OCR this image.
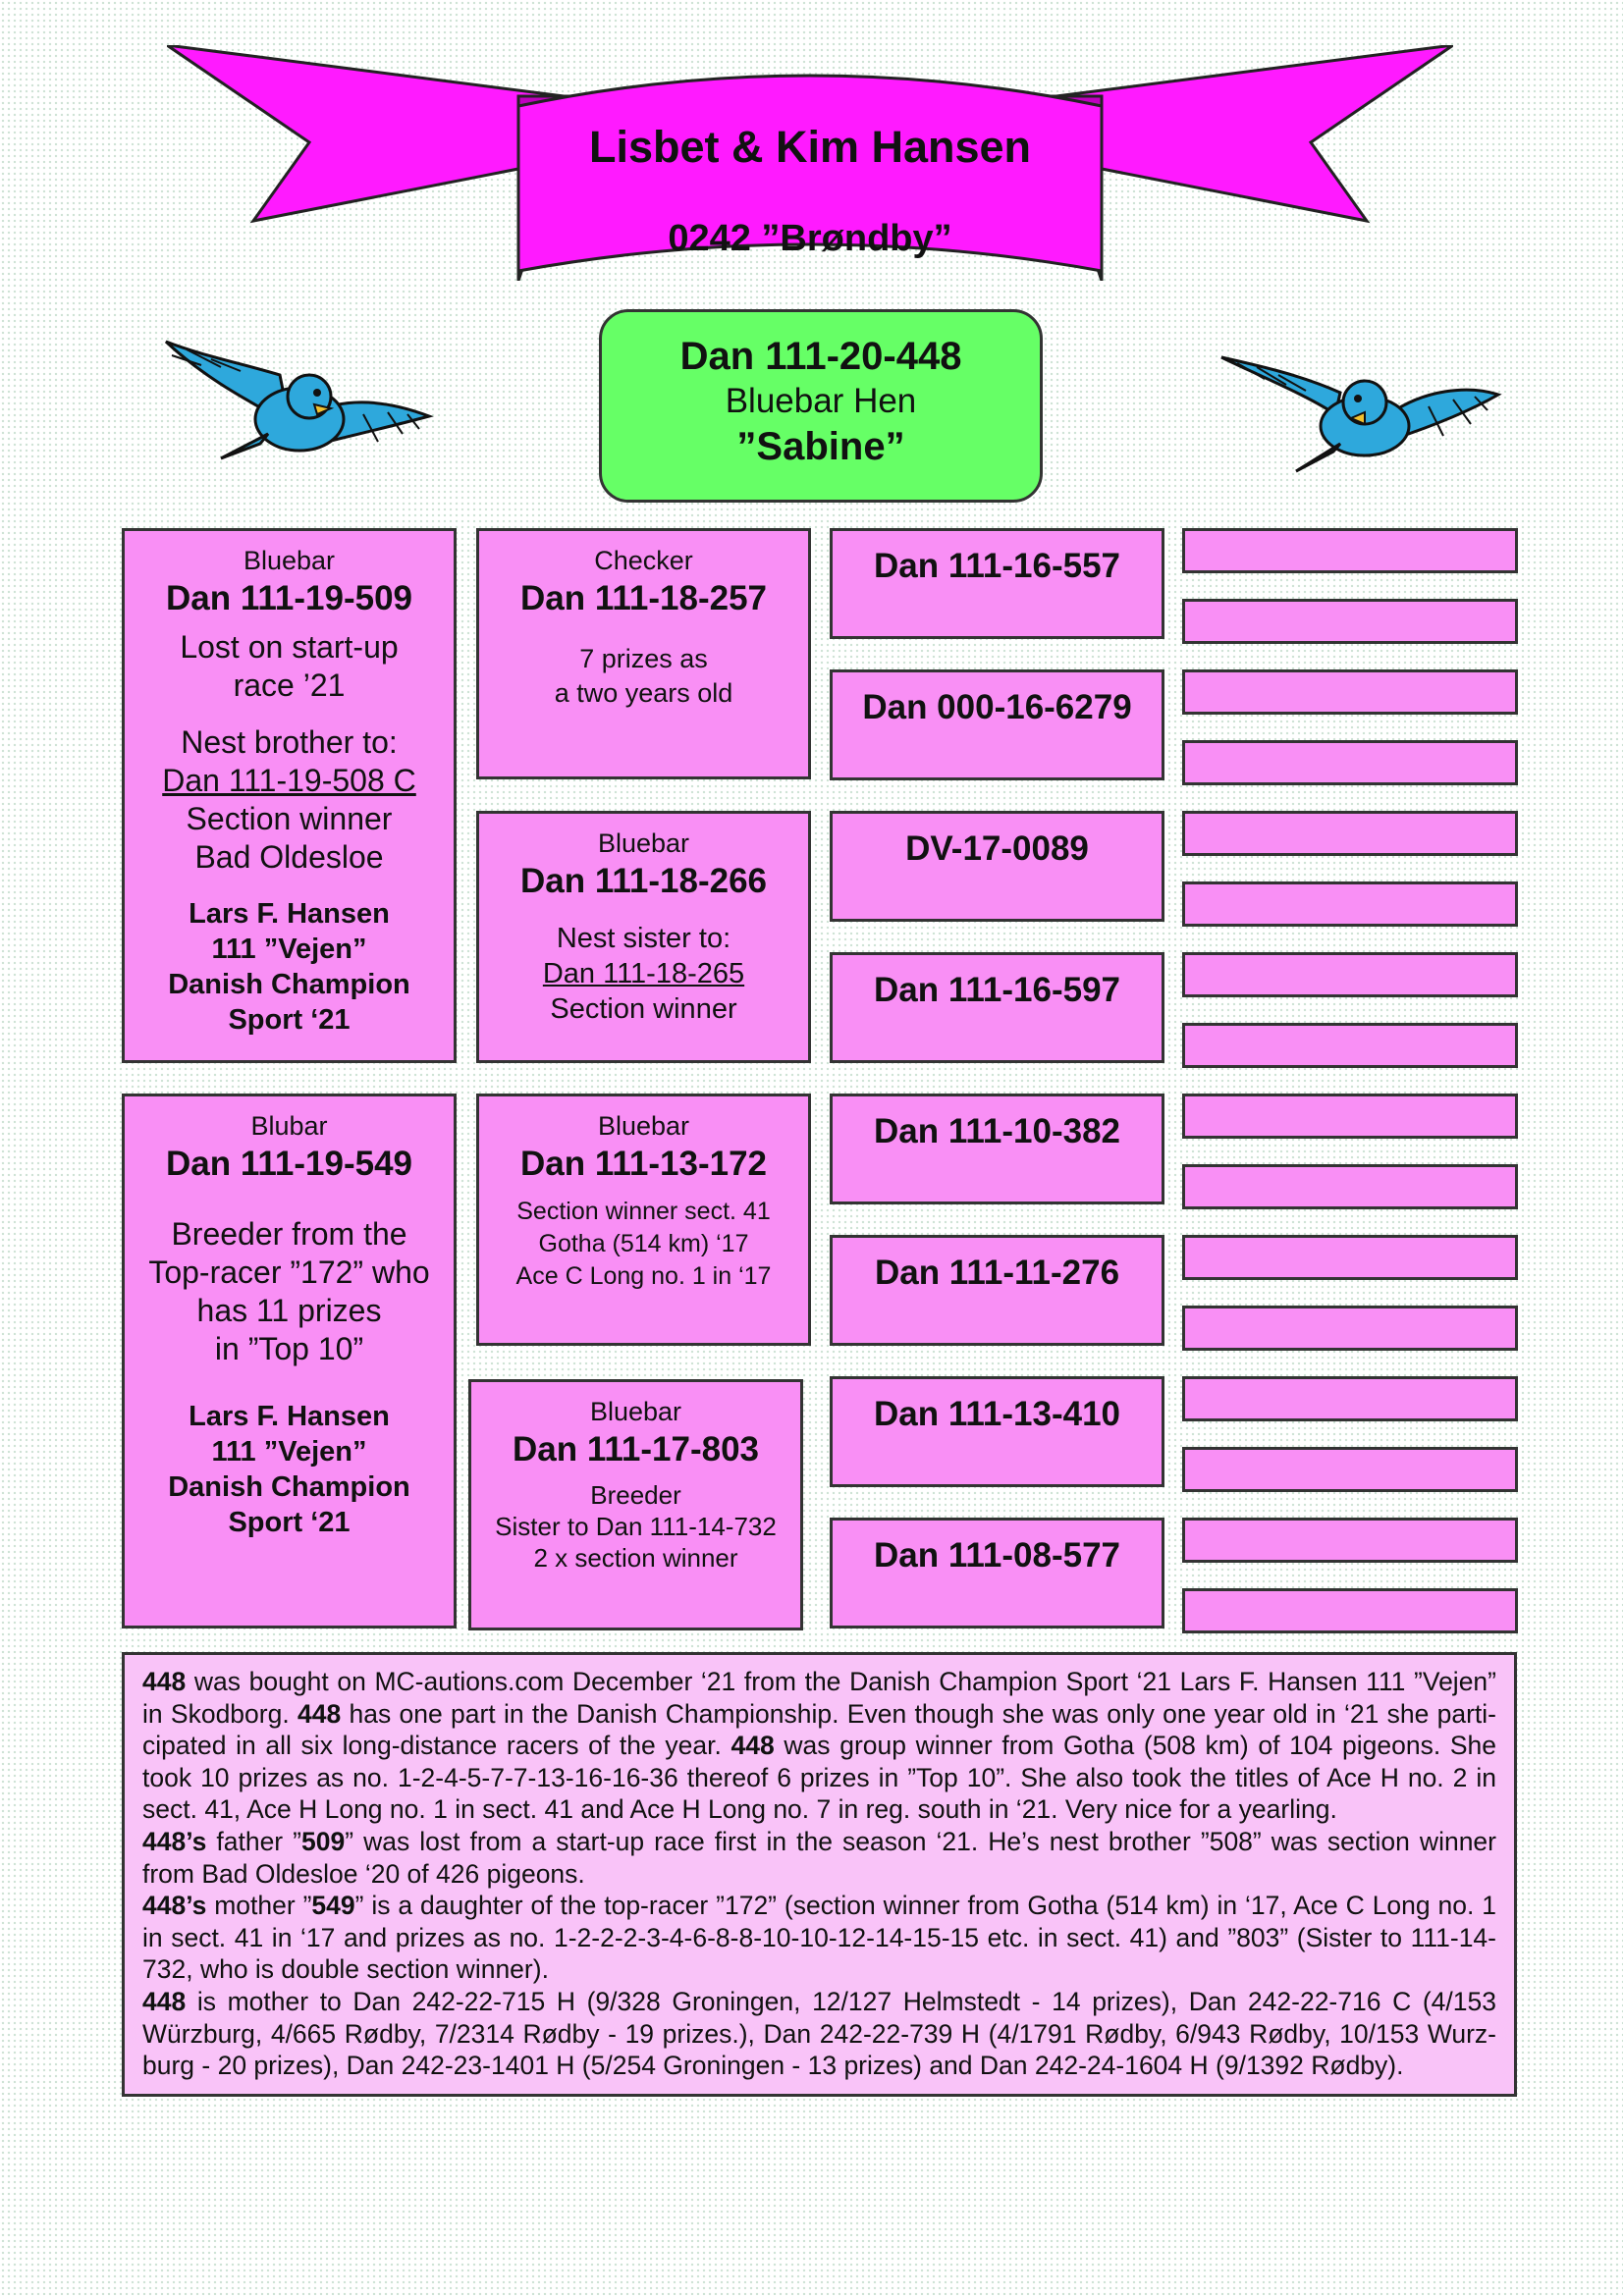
Lisbet & Kim Hansen
0242 ”Brøndby”
Dan 111-20-448
Bluebar Hen
”Sabine”
Bluebar
Dan 111-19-509
Lost on start-up
race ’21
Nest brother to:
Dan 111-19-508 C
Section winner
Bad Oldesloe
Lars F. Hansen
111 ”Vejen”
Danish Champion
Sport ‘21
Blubar
Dan 111-19-549
Breeder from the
Top-racer ”172” who
has 11 prizes
in ”Top 10”
Lars F. Hansen
111 ”Vejen”
Danish Champion
Sport ‘21
Checker
Dan 111-18-257
7 prizes as
a two years old
Bluebar
Dan 111-18-266
Nest sister to:
Dan 111-18-265
Section winner
Bluebar
Dan 111-13-172
Section winner sect. 41
Gotha (514 km) ‘17
Ace C Long no. 1 in ‘17
Bluebar
Dan 111-17-803
Breeder
Sister to Dan 111-14-732
2 x section winner
Dan 111-16-557
Dan 000-16-6279
DV-17-0089
Dan 111-16-597
Dan 111-10-382
Dan 111-11-276
Dan 111-13-410
Dan 111-08-577

448 was bought on MC-autions.com December ‘21 from the Danish Champion Sport ‘21 Lars F. Hansen 111 ”Vejen” in Skodborg. 448 has one part in the Danish Championship. Even though she was only one year old in ‘21 she parti-cipated in all six long-distance racers of the year. 448 was group winner from Gotha (508 km) of 104 pigeons. She took 10 prizes as no. 1-2-4-5-7-7-13-16-16-36 thereof 6 prizes in ”Top 10”. She also took the titles of Ace H no. 2 in sect. 41, Ace H Long no. 1 in sect. 41 and Ace H Long no. 7 in reg. south in ‘21. Very nice for a yearling.

448’s father ”509” was lost from a start-up race first in the season ‘21. He’s nest brother ”508” was section winner from Bad Oldesloe ‘20 of 426 pigeons.

448’s mother ”549” is a daughter of the top-racer ”172” (section winner from Gotha (514 km) in ‘17, Ace C Long no. 1 in sect. 41 in ‘17 and prizes as no. 1-2-2-2-3-4-6-8-8-10-10-12-14-15-15 etc. in sect. 41) and ”803” (Sister to 111-14-732, who is double section winner).

448 is mother to Dan 242-22-715 H (9/328 Groningen, 12/127 Helmstedt - 14 prizes), Dan 242-22-716 C (4/153 Würzburg, 4/665 Rødby, 7/2314 Rødby - 19 prizes.), Dan 242-22-739 H (4/1791 Rødby, 6/943 Rødby, 10/153 Wurz-burg - 20 prizes), Dan 242-23-1401 H (5/254 Groningen - 13 prizes) and Dan 242-24-1604 H (9/1392 Rødby).
